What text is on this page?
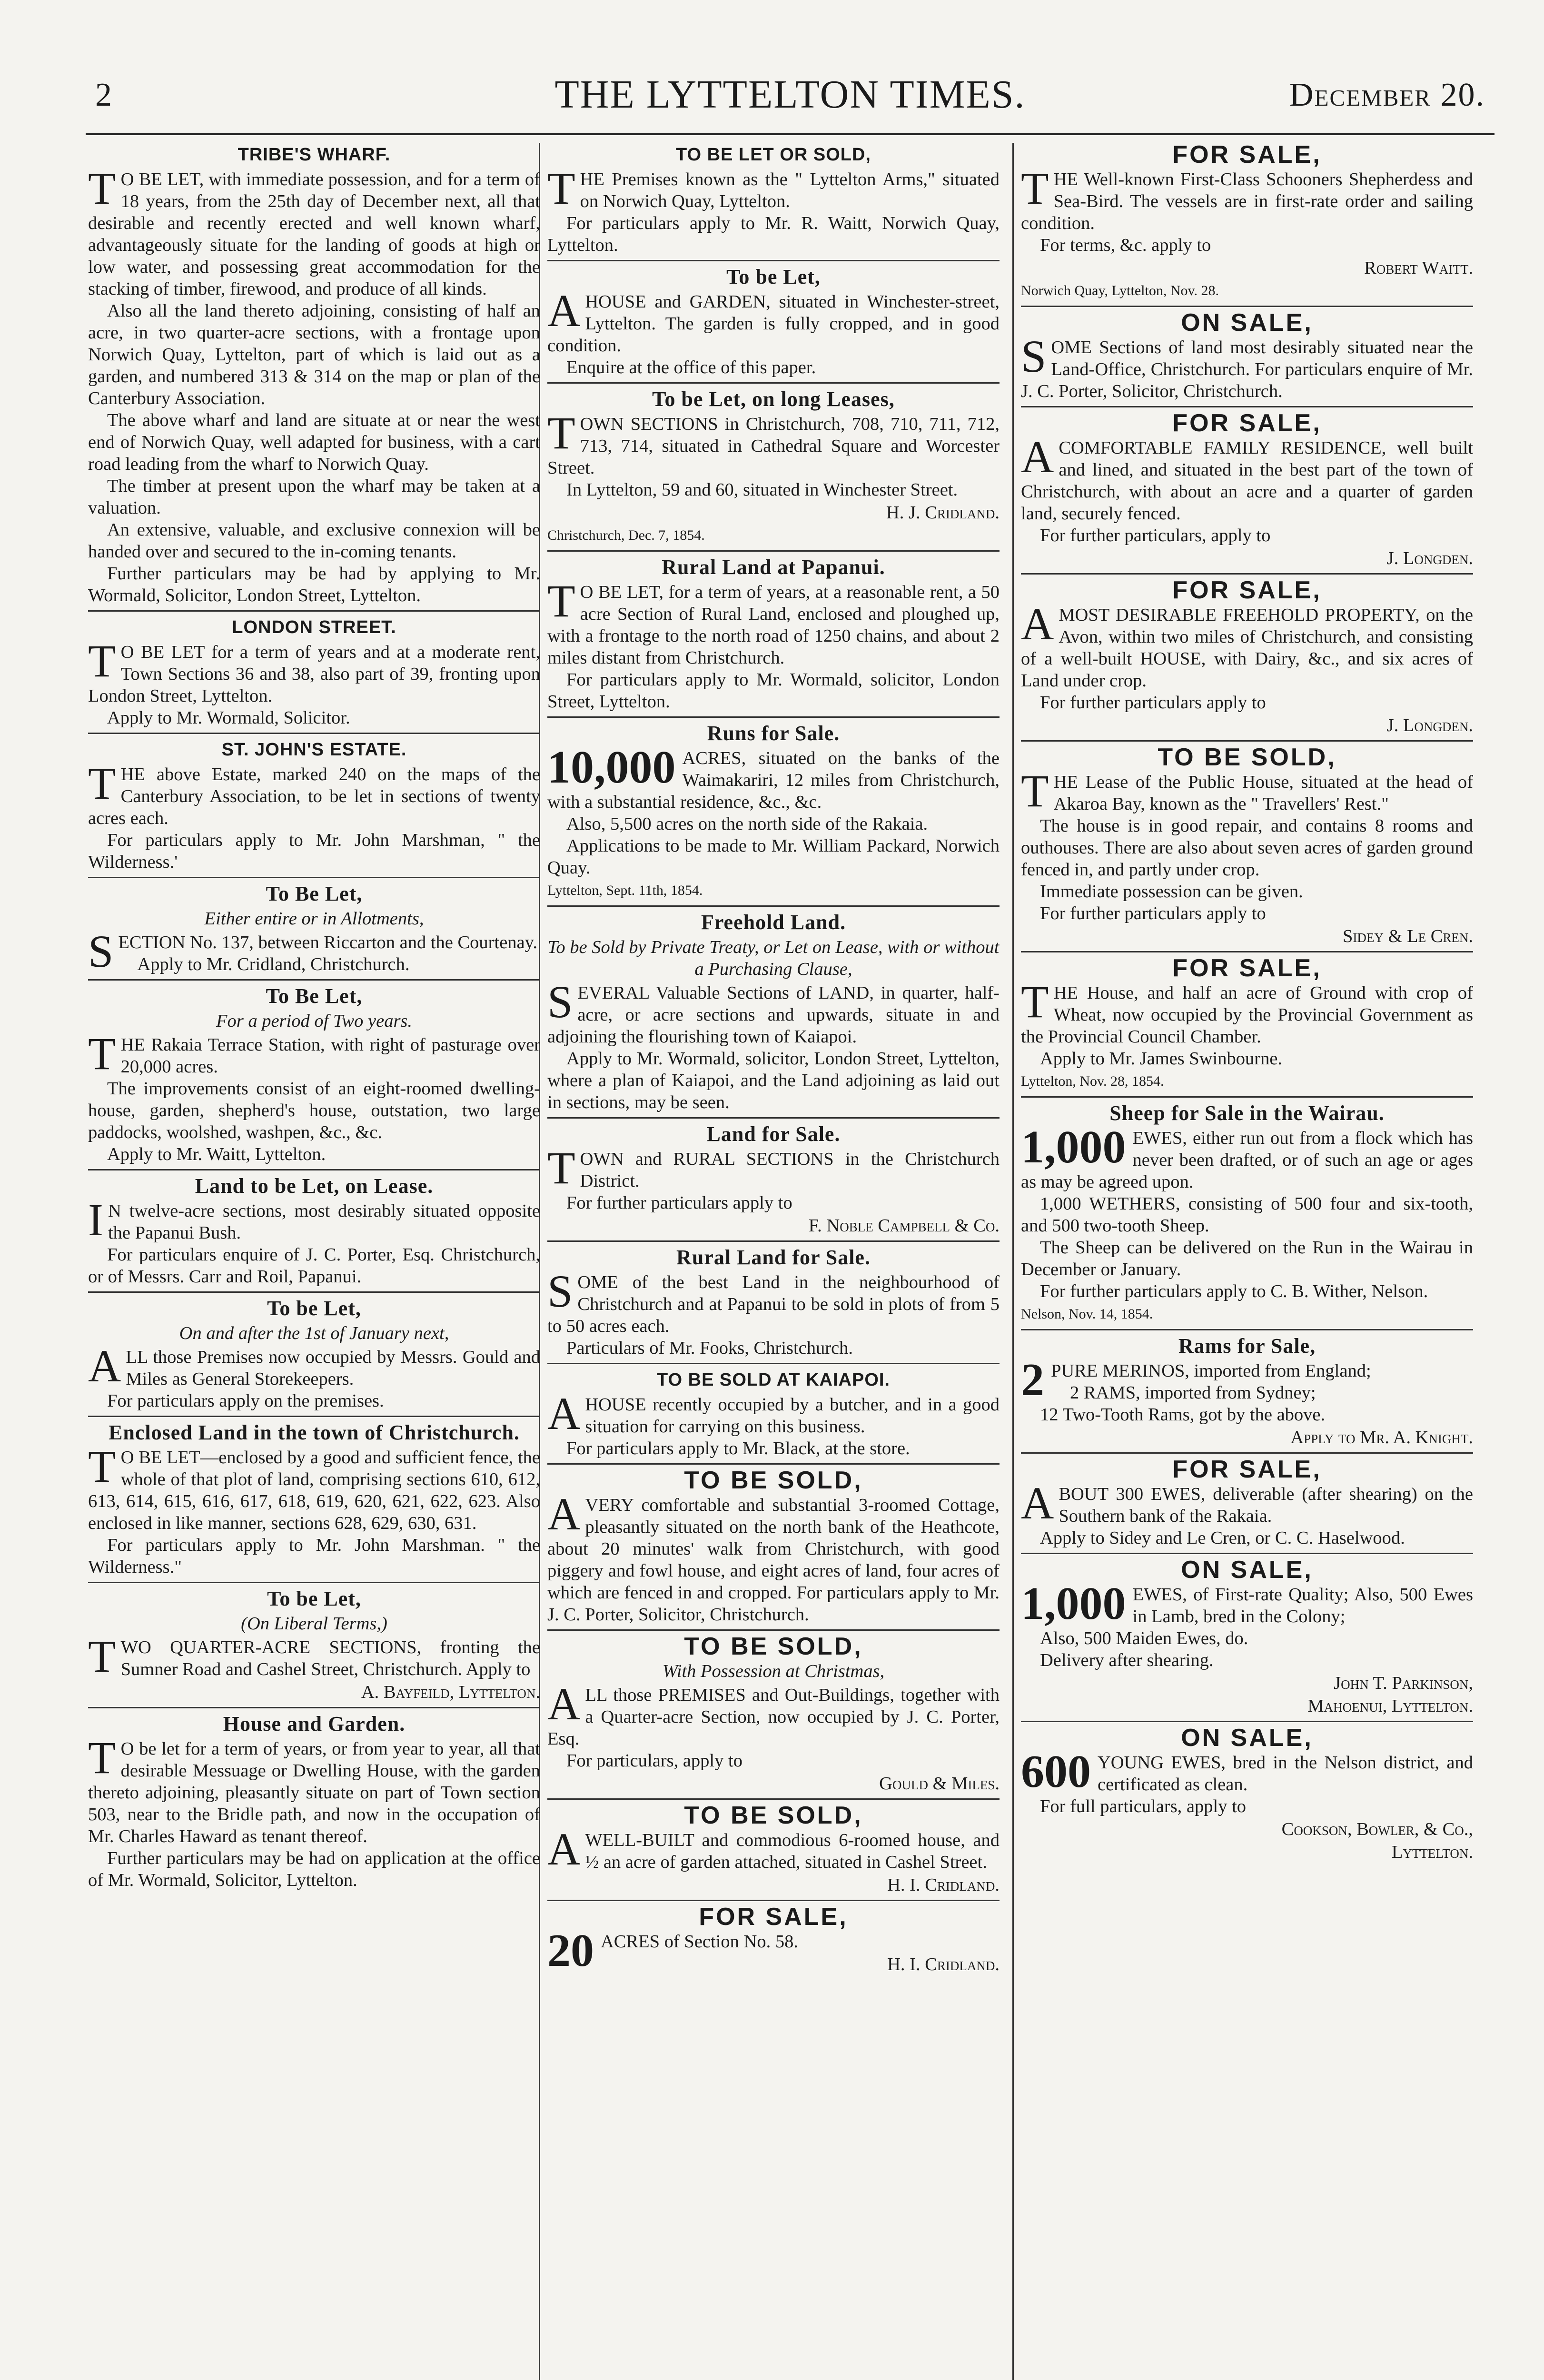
2	THE LYTTELTON TIMES.	December 20.
TRIBE'S WHARF.

T O BE LET, with immediate possession, and for a term of 18 years, from the 25th day of December next, all that desirable and recently erected and well known wharf, advantageously situate for the landing of goods at high or low water, and possessing great accommodation for the stacking of timber, firewood, and produce of all kinds.

Also all the land thereto adjoining, consisting of half an acre, in two quarter-acre sections, with a frontage upon Norwich Quay, Lyttelton, part of which is laid out as a garden, and numbered 313 & 314 on the map or plan of the Canterbury Association.

The above wharf and land are situate at or near the west end of Norwich Quay, well adapted for business, with a cart road leading from the wharf to Norwich Quay.

The timber at present upon the wharf may be taken at a valuation.

An extensive, valuable, and exclusive connexion will be handed over and secured to the in-coming tenants.

Further particulars may be had by applying to Mr. Wormald, Solicitor, London Street, Lyttelton.

LONDON STREET.

T O BE LET for a term of years and at a moderate rent, Town Sections 36 and 38, also part of 39, fronting upon London Street, Lyttelton.

Apply to Mr. Wormald, Solicitor.

ST. JOHN'S ESTATE.

THE above Estate, marked 240 on the maps of the Canterbury Association, to be let in sections of twenty acres each.

For particulars apply to Mr. John Marshman, " the Wilderness.'

To Be Let,
Either entire or in Allotments,

SECTION No. 137, between Riccarton and the Courtenay.

Apply to Mr. Cridland, Christchurch.

To Be Let,
For a period of Two years.

THE Rakaia Terrace Station, with right of pasturage over 20,000 acres.

The improvements consist of an eight-roomed dwelling-house, garden, shepherd's house, outstation, two large paddocks, woolshed, washpen, &c., &c.

Apply to Mr. Waitt, Lyttelton.

Land to be Let, on Lease.

I N twelve-acre sections, most desirably situated opposite the Papanui Bush.

For particulars enquire of J. C. Porter, Esq. Christchurch, or of Messrs. Carr and Roil, Papanui.

To be Let,
On and after the 1st of January next,

ALL those Premises now occupied by Messrs. Gould and Miles as General Storekeepers.

For particulars apply on the premises.

Enclosed Land in the town of Christchurch.

T O BE LET—enclosed by a good and sufficient fence, the whole of that plot of land, comprising sections 610, 612, 613, 614, 615, 616, 617, 618, 619, 620, 621, 622, 623. Also enclosed in like manner, sections 628, 629, 630, 631.

For particulars apply to Mr. John Marshman. " the Wilderness."

To be Let,
(On Liberal Terms,)

TWO QUARTER-ACRE SECTIONS, fronting the Sumner Road and Cashel Street, Christchurch. Apply to

A. Bayfeild, Lyttelton.
House and Garden.

T O be let for a term of years, or from year to year, all that desirable Messuage or Dwelling House, with the garden thereto adjoining, pleasantly situate on part of Town section 503, near to the Bridle path, and now in the occupation of Mr. Charles Haward as tenant thereof.

Further particulars may be had on application at the office of Mr. Wormald, Solicitor, Lyttelton.

TO BE LET OR SOLD,

THE Premises known as the " Lyttelton Arms," situated on Norwich Quay, Lyttelton.

For particulars apply to Mr. R. Waitt, Norwich Quay, Lyttelton.

To be Let,

AHOUSE and GARDEN, situated in Winchester-street, Lyttelton. The garden is fully cropped, and in good condition.

Enquire at the office of this paper.

To be Let, on long Leases,

TOWN SECTIONS in Christchurch, 708, 710, 711, 712, 713, 714, situated in Cathedral Square and Worcester Street.

In Lyttelton, 59 and 60, situated in Winchester Street.

H. J. Cridland.
Christchurch, Dec. 7, 1854.
Rural Land at Papanui.

T O BE LET, for a term of years, at a reasonable rent, a 50 acre Section of Rural Land, enclosed and ploughed up, with a frontage to the north road of 1250 chains, and about 2 miles distant from Christchurch.

For particulars apply to Mr. Wormald, solicitor, London Street, Lyttelton.

Runs for Sale.

10,000 ACRES, situated on the banks of the Waimakariri, 12 miles from Christchurch, with a substantial residence, &c., &c.

Also, 5,500 acres on the north side of the Rakaia.

Applications to be made to Mr. William Packard, Norwich Quay.

Lyttelton, Sept. 11th, 1854.
Freehold Land.
To be Sold by Private Treaty, or Let on Lease, with or without a Purchasing Clause,

SEVERAL Valuable Sections of LAND, in quarter, half-acre, or acre sections and upwards, situate in and adjoining the flourishing town of Kaiapoi.

Apply to Mr. Wormald, solicitor, London Street, Lyttelton, where a plan of Kaiapoi, and the Land adjoining as laid out in sections, may be seen.

Land for Sale.

TOWN and RURAL SECTIONS in the Christchurch District.

For further particulars apply to

F. Noble Campbell & Co.
Rural Land for Sale.

SOME of the best Land in the neighbourhood of Christchurch and at Papanui to be sold in plots of from 5 to 50 acres each.

Particulars of Mr. Fooks, Christchurch.

TO BE SOLD AT KAIAPOI.

AHOUSE recently occupied by a butcher, and in a good situation for carrying on this business.

For particulars apply to Mr. Black, at the store.

TO BE SOLD,

AVERY comfortable and substantial 3-roomed Cottage, pleasantly situated on the north bank of the Heathcote, about 20 minutes' walk from Christchurch, with good piggery and fowl house, and eight acres of land, four acres of which are fenced in and cropped. For particulars apply to Mr. J. C. Porter, Solicitor, Christchurch.

TO BE SOLD,
With Possession at Christmas,

ALL those PREMISES and Out-Buildings, together with a Quarter-acre Section, now occupied by J. C. Porter, Esq.

For particulars, apply to

Gould & Miles.
TO BE SOLD,

AWELL-BUILT and commodious 6-roomed house, and ½ an acre of garden attached, situated in Cashel Street.

H. I. Cridland.
FOR SALE,

20 ACRES of Section No. 58.

H. I. Cridland.
FOR SALE,

THE Well-known First-Class Schooners Shepherdess and Sea-Bird. The vessels are in first-rate order and sailing condition.

For terms, &c. apply to

Robert Waitt.
Norwich Quay, Lyttelton, Nov. 28.
ON SALE,

SOME Sections of land most desirably situated near the Land-Office, Christchurch. For particulars enquire of Mr. J. C. Porter, Solicitor, Christchurch.

FOR SALE,

ACOMFORTABLE FAMILY RESIDENCE, well built and lined, and situated in the best part of the town of Christchurch, with about an acre and a quarter of garden land, securely fenced.

For further particulars, apply to

J. Longden.
FOR SALE,

AMOST DESIRABLE FREEHOLD PROPERTY, on the Avon, within two miles of Christchurch, and consisting of a well-built HOUSE, with Dairy, &c., and six acres of Land under crop.

For further particulars apply to

J. Longden.
TO BE SOLD,

THE Lease of the Public House, situated at the head of Akaroa Bay, known as the " Travellers' Rest."

The house is in good repair, and contains 8 rooms and outhouses. There are also about seven acres of garden ground fenced in, and partly under crop.

Immediate possession can be given.

For further particulars apply to

Sidey & Le Cren.
FOR SALE,

THE House, and half an acre of Ground with crop of Wheat, now occupied by the Provincial Government as the Provincial Council Chamber.

Apply to Mr. James Swinbourne.

Lyttelton, Nov. 28, 1854.
Sheep for Sale in the Wairau.

1,000 EWES, either run out from a flock which has never been drafted, or of such an age or ages as may be agreed upon.

1,000 WETHERS, consisting of 500 four and six-tooth, and 500 two-tooth Sheep.

The Sheep can be delivered on the Run in the Wairau in December or January.

For further particulars apply to C. B. Wither, Nelson.

Nelson, Nov. 14, 1854.
Rams for Sale,

2 PURE MERINOS, imported from England;

2 RAMS, imported from Sydney;

12 Two-Tooth Rams, got by the above.

Apply to Mr. A. Knight.
FOR SALE,

ABOUT 300 EWES, deliverable (after shearing) on the Southern bank of the Rakaia.

Apply to Sidey and Le Cren, or C. C. Haselwood.

ON SALE,

1,000 EWES, of First-rate Quality; Also, 500 Ewes in Lamb, bred in the Colony;

Also, 500 Maiden Ewes, do.

Delivery after shearing.

John T. Parkinson,
Mahoenui, Lyttelton.
ON SALE,

600 YOUNG EWES, bred in the Nelson district, and certificated as clean.

For full particulars, apply to

Cookson, Bowler, & Co.,
Lyttelton.
